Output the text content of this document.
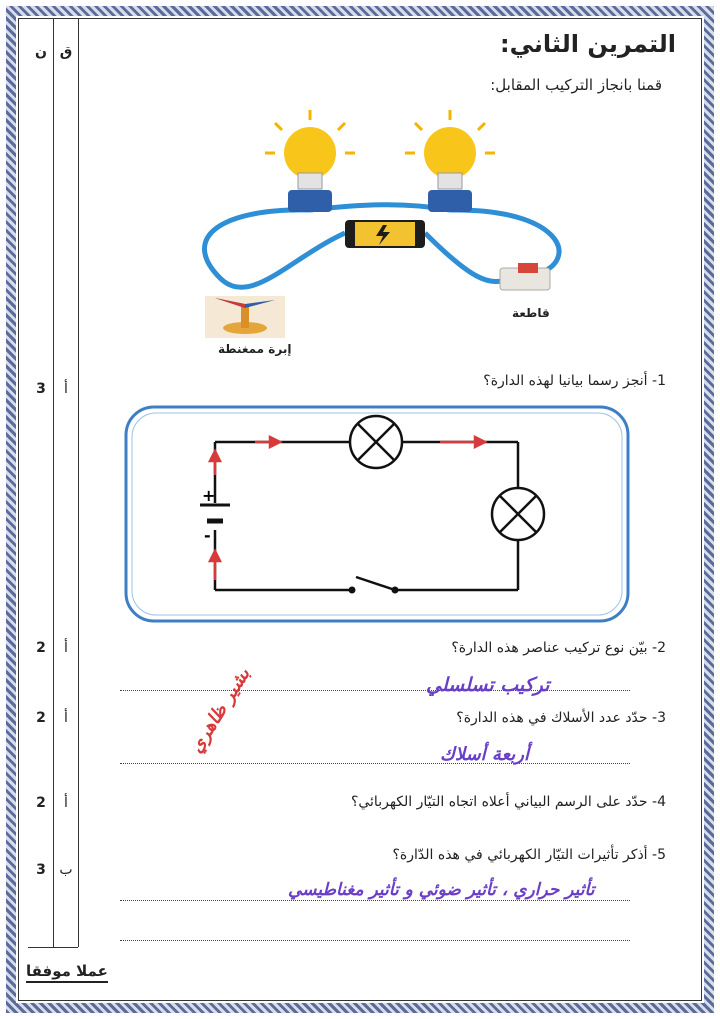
ن ق	التمرين الثاني:
قمنا بانجاز التركيب المقابل:
قاطعة
إبرة ممغنطة
1- أنجز رسما بيانيا لهذه الدارة؟
أ
3
+
-
2- بيّن نوع تركيب عناصر هذه الدارة؟
أ
2
تركيب تسلسلي
3- حدّد عدد الأسلاك في هذه الدارة؟
أ
2
أربعة أسلاك
بشير ظاهري
4- حدّد على الرسم البياني أعلاه اتجاه التيّار الكهربائي؟
أ
2
5- أذكر تأثيرات التيّار الكهربائي في هذه الدّارة؟
ب
3
تأثير حراري ، تأثير ضوئي و تأثير مغناطيسي
عملا موفقا
